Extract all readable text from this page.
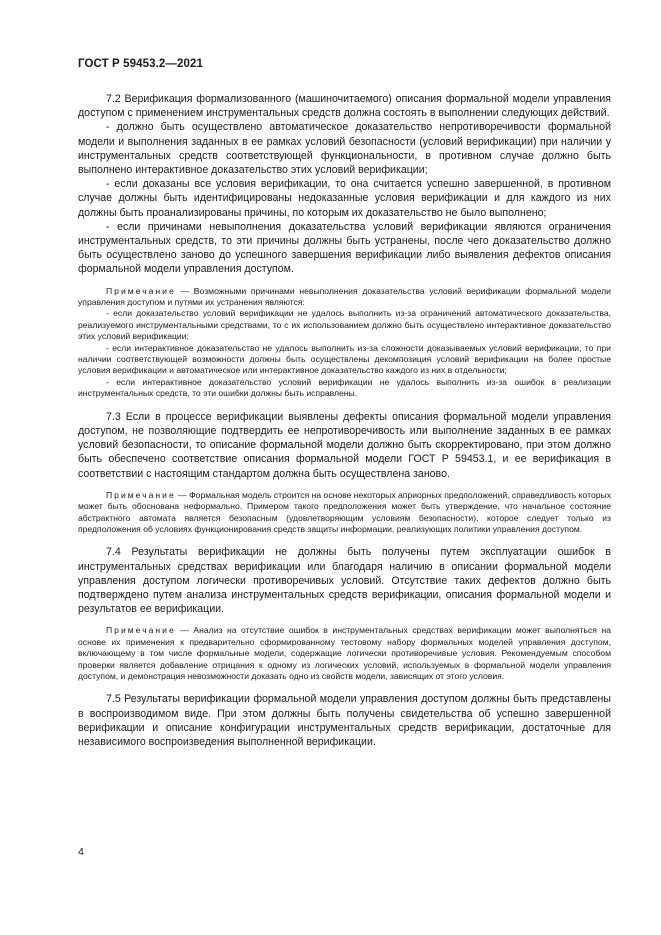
ГОСТ Р 59453.2—2021

7.2 Верификация формализованного (машиночитаемого) описания формальной модели управления доступом с применением инструментальных средств должна состоять в выполнении следующих действий.

- должно быть осуществлено автоматическое доказательство непротиворечивости формальной модели и выполнения заданных в ее рамках условий безопасности (условий верификации) при наличии у инструментальных средств соответствующей функциональности, в противном случае должно быть выполнено интерактивное доказательство этих условий верификации;

- если доказаны все условия верификации, то она считается успешно завершенной, в противном случае должны быть идентифицированы недоказанные условия верификации и для каждого из них должны быть проанализированы причины, по которым их доказательство не было выполнено;

- если причинами невыполнения доказательства условий верификации являются ограничения инструментальных средств, то эти причины должны быть устранены, после чего доказательство должно быть осуществлено заново до успешного завершения верификации либо выявления дефектов описания формальной модели управления доступом.

Примечание — Возможными причинами невыполнения доказательства условий верификации формальной модели управления доступом и путями их устранения являются:

- если доказательство условий верификации не удалось выполнить из-за ограничений автоматического доказательства, реализуемого инструментальными средствами, то с их использованием должно быть осуществлено интерактивное доказательство этих условий верификации;

- если интерактивное доказательство не удалось выполнить из-за сложности доказываемых условий верификации, то при наличии соответствующей возможности должны быть осуществлены декомпозиция условий верификации на более простые условия верификации и автоматическое или интерактивное доказательство каждого из них в отдельности;

- если интерактивное доказательство условий верификации не удалось выполнить из-за ошибок в реализации инструментальных средств, то эти ошибки должны быть исправлены.

7.3 Если в процессе верификации выявлены дефекты описания формальной модели управления доступом, не позволяющие подтвердить ее непротиворечивость или выполнение заданных в ее рамках условий безопасности, то описание формальной модели должно быть скорректировано, при этом должно быть обеспечено соответствие описания формальной модели ГОСТ Р 59453.1, и ее верификация в соответствии с настоящим стандартом должна быть осуществлена заново.

Примечание — Формальная модель строится на основе некоторых априорных предположений, справедливость которых может быть обоснована неформально. Примером такого предположения может быть утверждение, что начальное состояние абстрактного автомата является безопасным (удовлетворяющим условиям безопасности), которое следует только из предположения об условиях функционирования средств защиты информации, реализующих политики управления доступом.

7.4 Результаты верификации не должны быть получены путем эксплуатации ошибок в инструментальных средствах верификации или благодаря наличию в описании формальной модели управления доступом логически противоречивых условий. Отсутствие таких дефектов должно быть подтверждено путем анализа инструментальных средств верификации, описания формальной модели и результатов ее верификации.

Примечание — Анализ на отсутствие ошибок в инструментальных средствах верификации может выполняться на основе их применения к предварительно сформированному тестовому набору формальных моделей управления доступом, включающему в том числе формальные модели, содержащие логически противоречивые условия. Рекомендуемым способом проверки является добавление отрицания к одному из логических условий, используемых в формальной модели управления доступом, и демонстрация невозможности доказать одно из свойств модели, зависящих от этого условия.

7.5 Результаты верификации формальной модели управления доступом должны быть представлены в воспроизводимом виде. При этом должны быть получены свидетельства об успешно завершенной верификации и описание конфигурации инструментальных средств верификации, достаточные для независимого воспроизведения выполненной верификации.

4
